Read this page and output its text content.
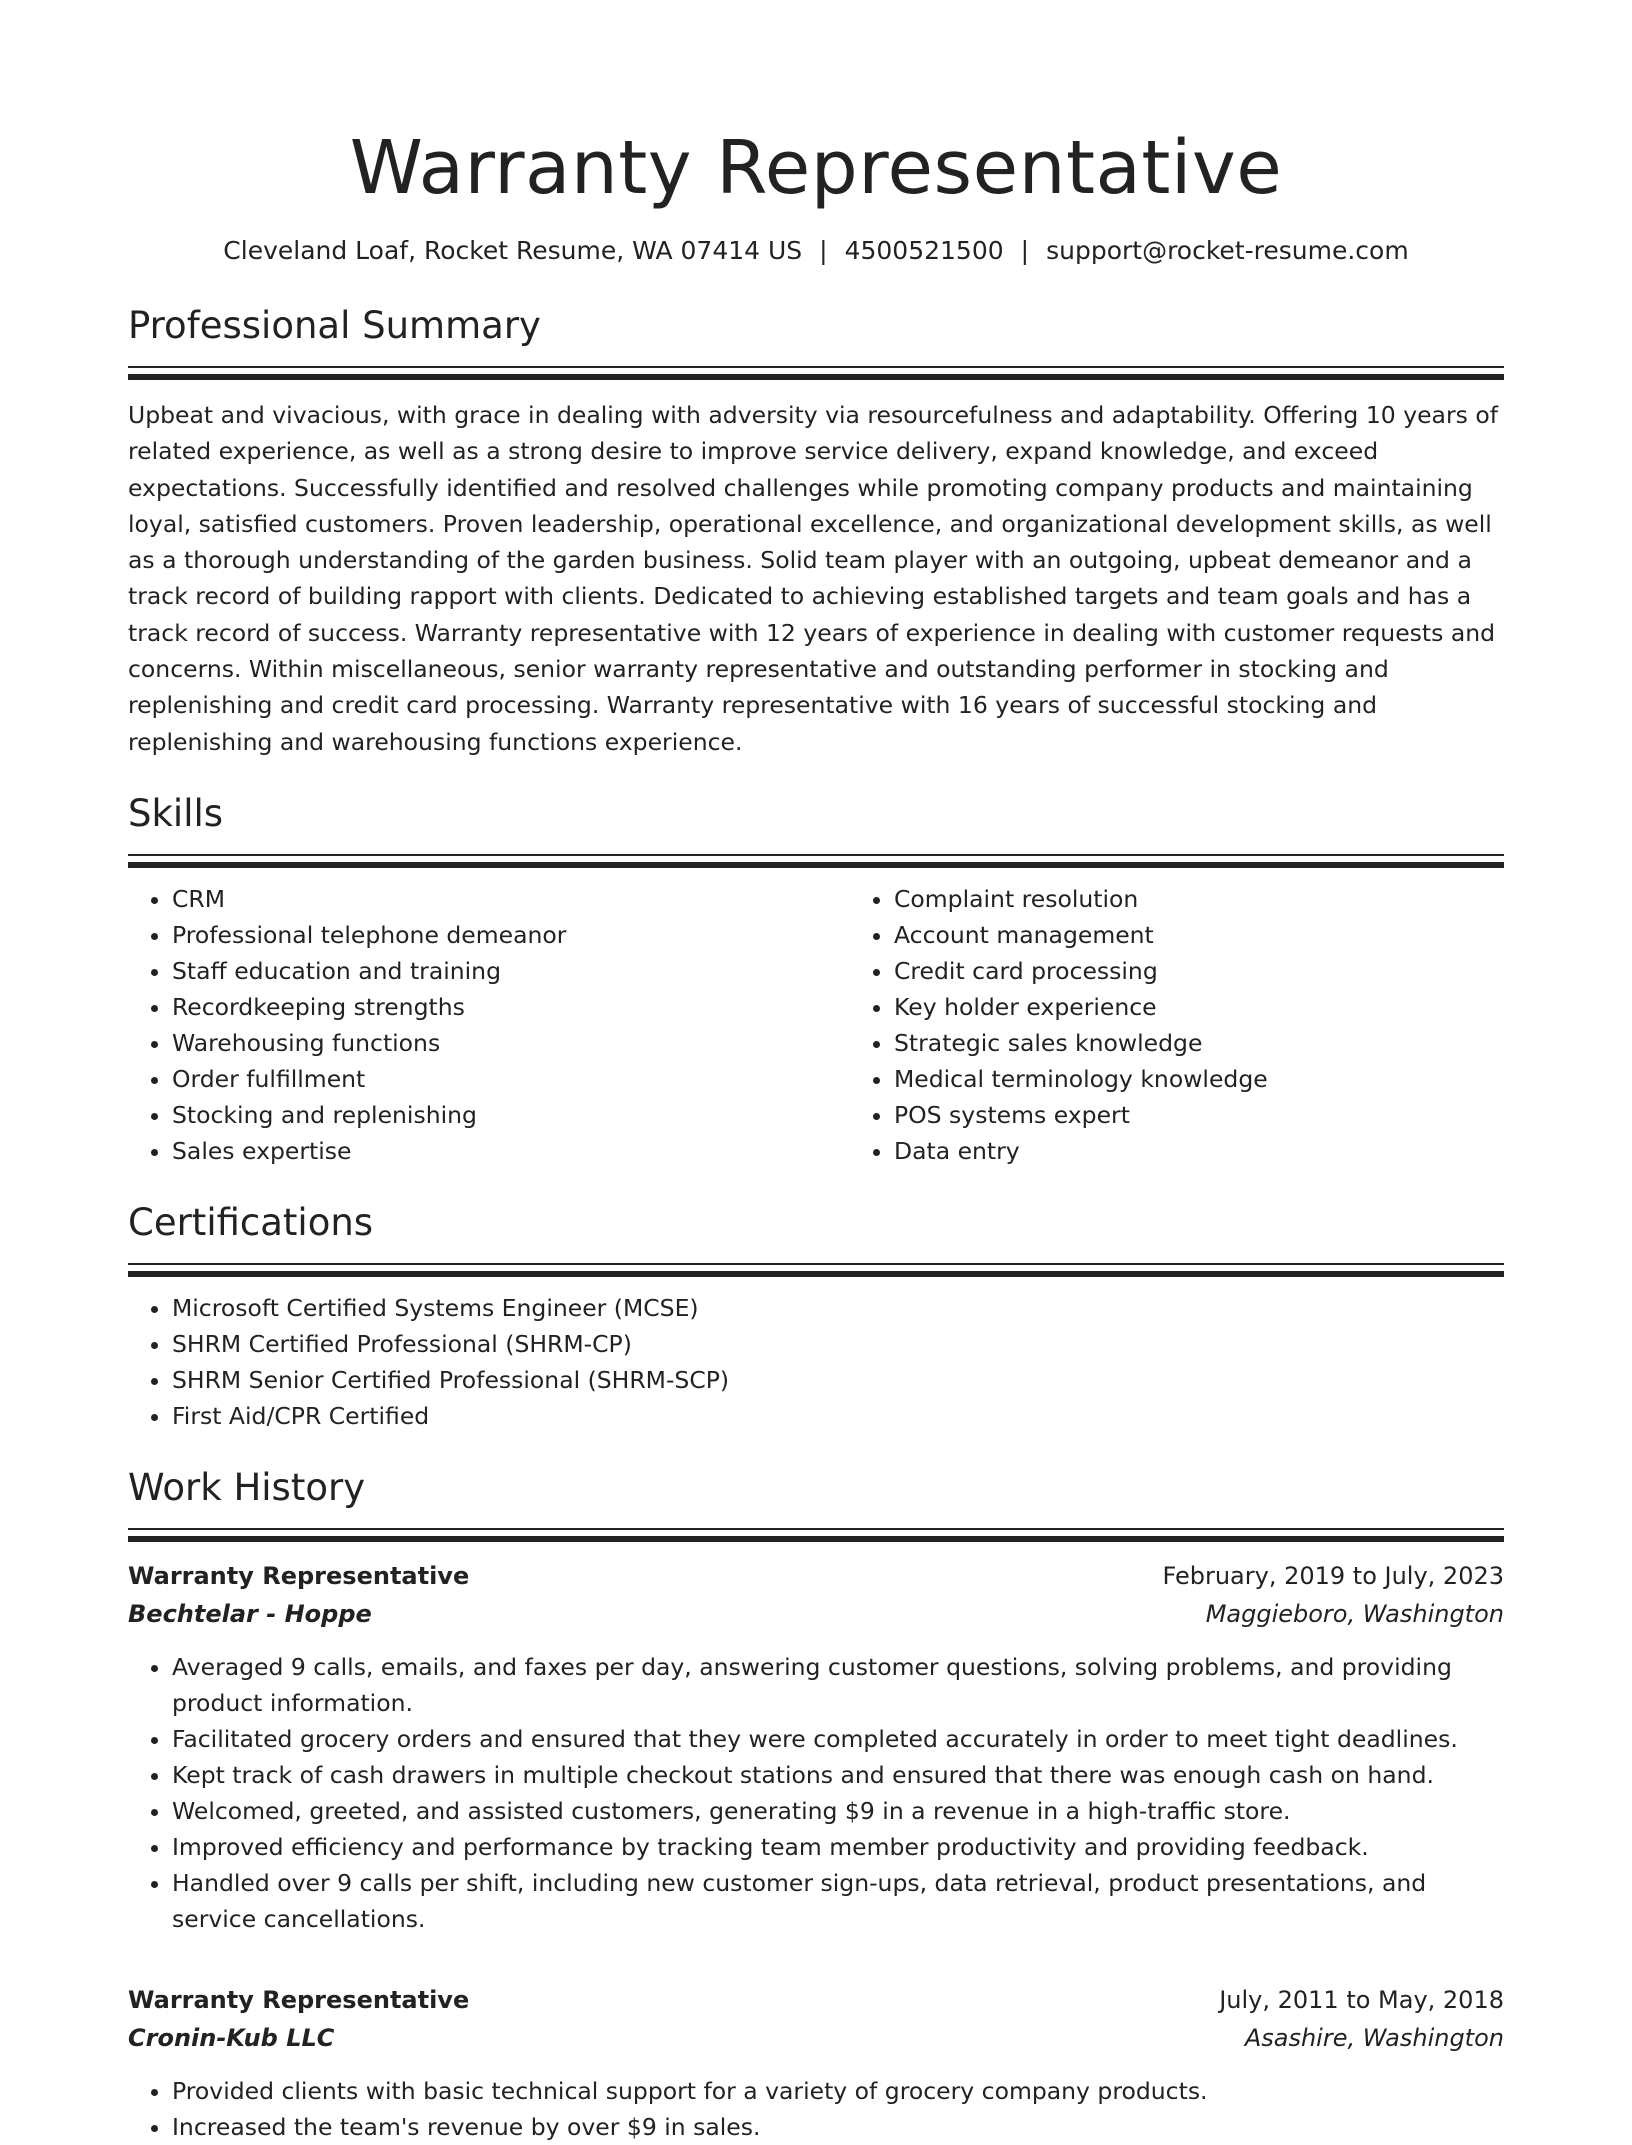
Warranty Representative
Cleveland Loaf, Rocket Resume, WA 07414 US | 4500521500 | support@rocket-resume.com
Professional Summary
Upbeat and vivacious, with grace in dealing with adversity via resourcefulness and adaptability. Offering 10 years of related experience, as well as a strong desire to improve service delivery, expand knowledge, and exceed expectations. Successfully identified and resolved challenges while promoting company products and maintaining loyal, satisfied customers. Proven leadership, operational excellence, and organizational development skills, as well as a thorough understanding of the garden business. Solid team player with an outgoing, upbeat demeanor and a track record of building rapport with clients. Dedicated to achieving established targets and team goals and has a track record of success. Warranty representative with 12 years of experience in dealing with customer requests and concerns. Within miscellaneous, senior warranty representative and outstanding performer in stocking and replenishing and credit card processing. Warranty representative with 16 years of successful stocking and replenishing and warehousing functions experience.
Skills
• CRM
• Professional telephone demeanor
• Staff education and training
• Recordkeeping strengths
• Warehousing functions
• Order fulfillment
• Stocking and replenishing
• Sales expertise
• Complaint resolution
• Account management
• Credit card processing
• Key holder experience
• Strategic sales knowledge
• Medical terminology knowledge
• POS systems expert
• Data entry
Certifications
• Microsoft Certified Systems Engineer (MCSE)
• SHRM Certified Professional (SHRM-CP)
• SHRM Senior Certified Professional (SHRM-SCP)
• First Aid/CPR Certified
Work History
Warranty Representative	February, 2019 to July, 2023
Bechtelar - Hoppe	Maggieboro, Washington
• Averaged 9 calls, emails, and faxes per day, answering customer questions, solving problems, and providing product information.
• Facilitated grocery orders and ensured that they were completed accurately in order to meet tight deadlines.
• Kept track of cash drawers in multiple checkout stations and ensured that there was enough cash on hand.
• Welcomed, greeted, and assisted customers, generating $9 in a revenue in a high-traffic store.
• Improved efficiency and performance by tracking team member productivity and providing feedback.
• Handled over 9 calls per shift, including new customer sign-ups, data retrieval, product presentations, and service cancellations.
Warranty Representative	July, 2011 to May, 2018
Cronin-Kub LLC	Asashire, Washington
• Provided clients with basic technical support for a variety of grocery company products.
• Increased the team's revenue by over $9 in sales.
